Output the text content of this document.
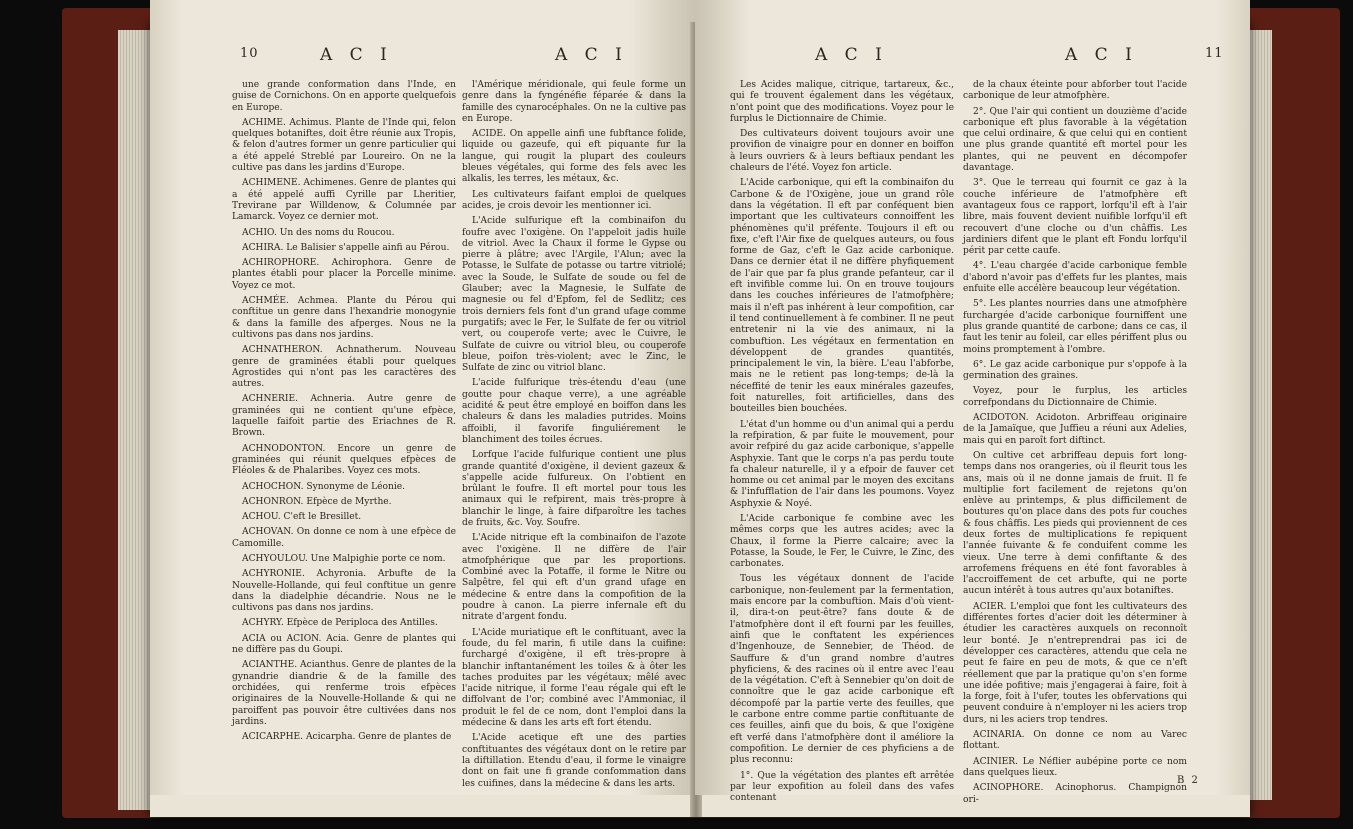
10	A C I	A C I

une grande conformation dans l'Inde, en guise de Cornichons. On en apporte quelquefois en Europe.

ACHIME. Achimus. Plante de l'Inde qui, felon quelques botaniftes, doit être réunie aux Tropis, & felon d'autres former un genre particulier qui a été appelé Streblé par Loureiro. On ne la cultive pas dans les jardins d'Europe.

ACHIMENE. Achimenes. Genre de plantes qui a été appelé auffi Cyrille par Lheritier, Trevirane par Willdenow, & Columnée par Lamarck. Voyez ce dernier mot.

ACHIO. Un des noms du Roucou.

ACHIRA. Le Balisier s'appelle ainfi au Pérou.

ACHIROPHORE. Achirophora. Genre de plantes établi pour placer la Porcelle minime. Voyez ce mot.

ACHMÉE. Achmea. Plante du Pérou qui conftitue un genre dans l'hexandrie monogynie & dans la famille des afperges. Nous ne la cultivons pas dans nos jardins.

ACHNATHERON. Achnatherum. Nouveau genre de graminées établi pour quelques Agrostides qui n'ont pas les caractères des autres.

ACHNERIE. Achneria. Autre genre de graminées qui ne contient qu'une efpèce, laquelle faifoit partie des Eriachnes de R. Brown.

ACHNODONTON. Encore un genre de graminées qui réunit quelques efpèces de Fléoles & de Phalaribes. Voyez ces mots.

ACHOCHON. Synonyme de Léonie.

ACHONRON. Efpèce de Myrthe.

ACHOU. C'eft le Bresillet.

ACHOVAN. On donne ce nom à une efpèce de Camomille.

ACHYOULOU. Une Malpighie porte ce nom.

ACHYRONIE. Achyronia. Arbufte de la Nouvelle-Hollande, qui feul conftitue un genre dans la diadelphie décandrie. Nous ne le cultivons pas dans nos jardins.

ACHYRY. Efpèce de Periploca des Antilles.

ACIA ou ACION. Acia. Genre de plantes qui ne diffère pas du Goupi.

ACIANTHE. Acianthus. Genre de plantes de la gynandrie diandrie & de la famille des orchidées, qui renferme trois efpèces originaires de la Nouvelle-Hollande & qui ne paroiffent pas pouvoir être cultivées dans nos jardins.

ACICARPHE. Acicarpha. Genre de plantes de

l'Amérique méridionale, qui feule forme un genre dans la fyngénéfie féparée & dans la famille des cynarocéphales. On ne la cultive pas en Europe.

ACIDE. On appelle ainfi une fubftance folide, liquide ou gazeufe, qui eft piquante fur la langue, qui rougit la plupart des couleurs bleues végétales, qui forme des fels avec les alkalis, les terres, les métaux, &c.

Les cultivateurs faifant emploi de quelques acides, je crois devoir les mentionner ici.

L'Acide sulfurique eft la combinaifon du foufre avec l'oxigène. On l'appeloit jadis huile de vitriol. Avec la Chaux il forme le Gypse ou pierre à plâtre; avec l'Argile, l'Alun; avec la Potasse, le Sulfate de potasse ou tartre vitriolé; avec la Soude, le Sulfate de soude ou fel de Glauber; avec la Magnesie, le Sulfate de magnesie ou fel d'Epfom, fel de Sedlitz; ces trois derniers fels font d'un grand ufage comme purgatifs; avec le Fer, le Sulfate de fer ou vitriol vert, ou couperofe verte; avec le Cuivre, le Sulfate de cuivre ou vitriol bleu, ou couperofe bleue, poifon très-violent; avec le Zinc, le Sulfate de zinc ou vitriol blanc.

L'acide fulfurique très-étendu d'eau (une goutte pour chaque verre), a une agréable acidité & peut être employé en boiffon dans les chaleurs & dans les maladies putrides. Moins affoibli, il favorife finguliérement le blanchiment des toiles écrues.

Lorfque l'acide fulfurique contient une plus grande quantité d'oxigène, il devient gazeux & s'appelle acide fulfureux. On l'obtient en brûlant le foufre. Il eft mortel pour tous les animaux qui le refpirent, mais très-propre à blanchir le linge, à faire difparoître les taches de fruits, &c. Voy. Soufre.

L'Acide nitrique eft la combinaifon de l'azote avec l'oxigène. Il ne diffère de l'air atmofphérique que par les proportions. Combiné avec la Potaffe, il forme le Nitre ou Salpêtre, fel qui eft d'un grand ufage en médecine & entre dans la compofition de la poudre à canon. La pierre infernale eft du nitrate d'argent fondu.

L'Acide muriatique eft le conftituant, avec la foude, du fel marin, fi utile dans la cuifine: furchargé d'oxigène, il eft très-propre à blanchir inftantanément les toiles & à ôter les taches produites par les végétaux; mêlé avec l'acide nitrique, il forme l'eau régale qui eft le diffolvant de l'or; combiné avec l'Ammoniac, il produit le fel de ce nom, dont l'emploi dans la médecine & dans les arts eft fort étendu.

L'Acide acetique eft une des parties conftituantes des végétaux dont on le retire par la diftillation. Etendu d'eau, il forme le vinaigre dont on fait une fi grande confommation dans les cuifines, dans la médecine & dans les arts.

A C I	A C I	11

Les Acides malique, citrique, tartareux, &c., qui fe trouvent également dans les végétaux, n'ont point que des modifications. Voyez pour le furplus le Dictionnaire de Chimie.

Des cultivateurs doivent toujours avoir une provifion de vinaigre pour en donner en boiffon à leurs ouvriers & à leurs beftiaux pendant les chaleurs de l'été. Voyez fon article.

L'Acide carbonique, qui eft la combinaifon du Carbone & de l'Oxigène, joue un grand rôle dans la végétation. Il eft par conféquent bien important que les cultivateurs connoiffent les phénomènes qu'il préfente. Toujours il eft ou fixe, c'eft l'Air fixe de quelques auteurs, ou fous forme de Gaz, c'eft le Gaz acide carbonique. Dans ce dernier état il ne diffère phyfiquement de l'air que par fa plus grande pefanteur, car il eft invifible comme lui. On en trouve toujours dans les couches inférieures de l'atmofphère; mais il n'eft pas inhérent à leur compofition, car il tend continuellement à fe combiner. Il ne peut entretenir ni la vie des animaux, ni la combuftion. Les végétaux en fermentation en développent de grandes quantités, principalement le vin, la bière. L'eau l'abforbe, mais ne le retient pas long-temps; de-là la néceffité de tenir les eaux minérales gazeufes, foit naturelles, foit artificielles, dans des bouteilles bien bouchées.

L'état d'un homme ou d'un animal qui a perdu la refpiration, & par fuite le mouvement, pour avoir refpiré du gaz acide carbonique, s'appelle Asphyxie. Tant que le corps n'a pas perdu toute fa chaleur naturelle, il y a efpoir de fauver cet homme ou cet animal par le moyen des excitans & l'infufflation de l'air dans les poumons. Voyez Asphyxie & Noyé.

L'Acide carbonique fe combine avec les mêmes corps que les autres acides; avec la Chaux, il forme la Pierre calcaire; avec la Potasse, la Soude, le Fer, le Cuivre, le Zinc, des carbonates.

Tous les végétaux donnent de l'acide carbonique, non-feulement par la fermentation, mais encore par la combuftion. Mais d'où vient-il, dira-t-on peut-être? fans doute & de l'atmofphère dont il eft fourni par les feuilles, ainfi que le conftatent les expériences d'Ingenhouze, de Sennebier, de Théod. de Sauffure & d'un grand nombre d'autres phyficiens, & des racines où il entre avec l'eau de la végétation. C'eft à Sennebier qu'on doit de connoître que le gaz acide carbonique eft décompofé par la partie verte des feuilles, que le carbone entre comme partie conftituante de ces feuilles, ainfi que du bois, & que l'oxigène eft verfé dans l'atmofphère dont il améliore la compofition. Le dernier de ces phyficiens a de plus reconnu:

1°. Que la végétation des plantes eft arrêtée par leur expofition au foleil dans des vafes contenant

de la chaux éteinte pour abforber tout l'acide carbonique de leur atmofphère.

2°. Que l'air qui contient un douzième d'acide carbonique eft plus favorable à la végétation que celui ordinaire, & que celui qui en contient une plus grande quantité eft mortel pour les plantes, qui ne peuvent en décompofer davantage.

3°. Que le terreau qui fournit ce gaz à la couche inférieure de l'atmofphère eft avantageux fous ce rapport, lorfqu'il eft à l'air libre, mais fouvent devient nuifible lorfqu'il eft recouvert d'une cloche ou d'un châffis. Les jardiniers difent que le plant eft Fondu lorfqu'il périt par cette caufe.

4°. L'eau chargée d'acide carbonique femble d'abord n'avoir pas d'effets fur les plantes, mais enfuite elle accélère beaucoup leur végétation.

5°. Les plantes nourries dans une atmofphère furchargée d'acide carbonique fourniffent une plus grande quantité de carbone; dans ce cas, il faut les tenir au foleil, car elles périffent plus ou moins promptement à l'ombre.

6°. Le gaz acide carbonique pur s'oppofe à la germination des graines.

Voyez, pour le furplus, les articles correfpondans du Dictionnaire de Chimie.

ACIDOTON. Acidoton. Arbriffeau originaire de la Jamaïque, que Juffieu a réuni aux Adelies, mais qui en paroît fort diftinct.

On cultive cet arbriffeau depuis fort long-temps dans nos orangeries, où il fleurit tous les ans, mais où il ne donne jamais de fruit. Il fe multiplie fort facilement de rejetons qu'on enlève au printemps, & plus difficilement de boutures qu'on place dans des pots fur couches & fous châffis. Les pieds qui proviennent de ces deux fortes de multiplications fe repiquent l'année fuivante & fe conduifent comme les vieux. Une terre à demi confiftante & des arrofemens fréquens en été font favorables à l'accroiffement de cet arbufte, qui ne porte aucun intérêt à tous autres qu'aux botaniftes.

ACIER. L'emploi que font les cultivateurs des différentes fortes d'acier doit les déterminer à étudier les caractères auxquels on reconnoît leur bonté. Je n'entreprendrai pas ici de développer ces caractères, attendu que cela ne peut fe faire en peu de mots, & que ce n'eft réellement que par la pratique qu'on s'en forme une idée pofitive; mais j'engagerai à faire, foit à la forge, foit à l'ufer, toutes les obfervations qui peuvent conduire à n'employer ni les aciers trop durs, ni les aciers trop tendres.

ACINARIA. On donne ce nom au Varec flottant.

ACINIER. Le Néflier aubépine porte ce nom dans quelques lieux.

ACINOPHORE. Acinophorus. Champignon ori-

B 2
